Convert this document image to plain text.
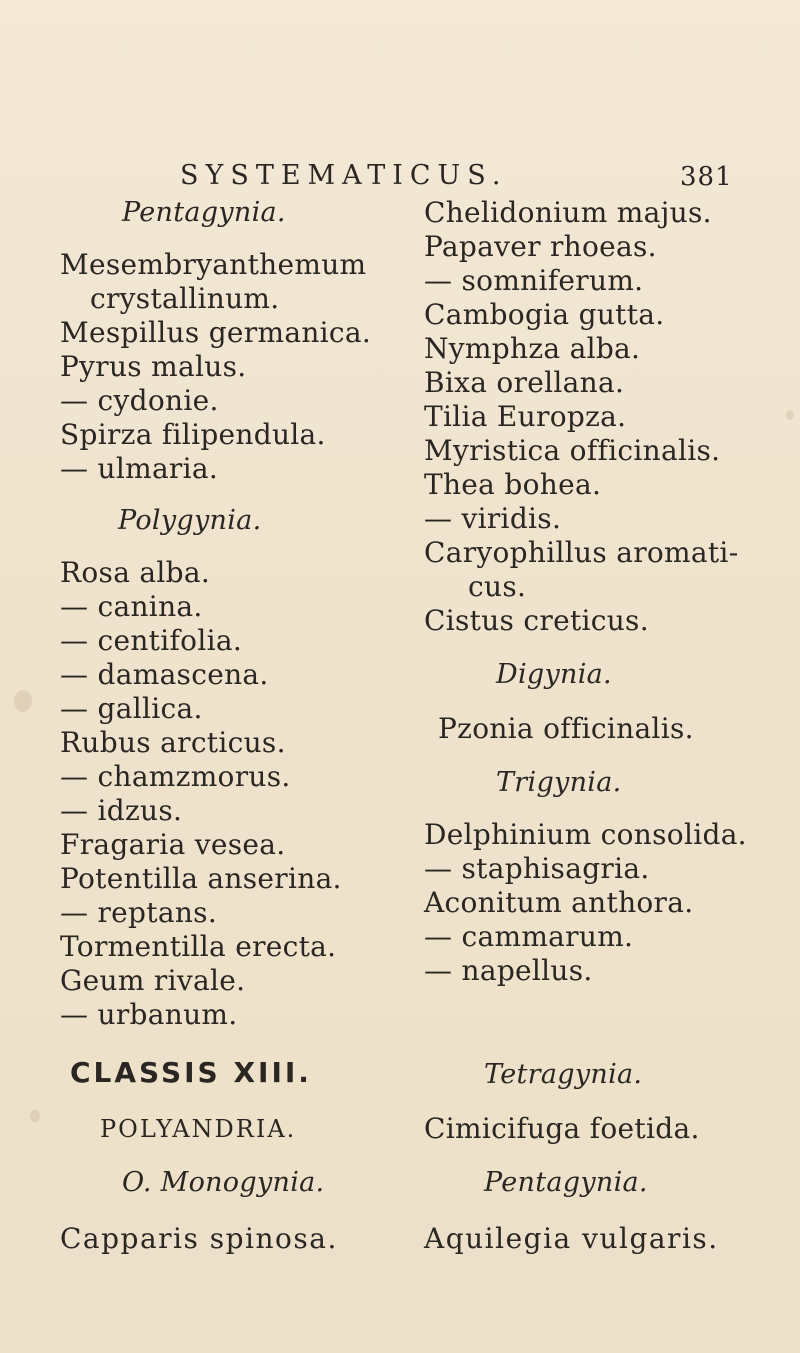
SYSTEMATICUS.	381
Pentagynia.
Mesembryanthemum
crystallinum.
Mespillus germanica.
Pyrus malus.
— cydonie.
Spirza filipendula.
— ulmaria.
Polygynia.
Rosa alba.
— canina.
— centifolia.
— damascena.
— gallica.
Rubus arcticus.
— chamzmorus.
— idzus.
Fragaria vesea.
Potentilla anserina.
— reptans.
Tormentilla erecta.
Geum rivale.
— urbanum.
CLASSIS XIII.
POLYANDRIA.
O. Monogynia.
Capparis spinosa.
Chelidonium majus.
Papaver rhoeas.
— somniferum.
Cambogia gutta.
Nymphza alba.
Bixa orellana.
Tilia Europza.
Myristica officinalis.
Thea bohea.
— viridis.
Caryophillus aromati-
cus.
Cistus creticus.
Digynia.
Pzonia officinalis.
Trigynia.
Delphinium consolida.
— staphisagria.
Aconitum anthora.
— cammarum.
— napellus.
Tetragynia.
Cimicifuga foetida.
Pentagynia.
Aquilegia vulgaris.
